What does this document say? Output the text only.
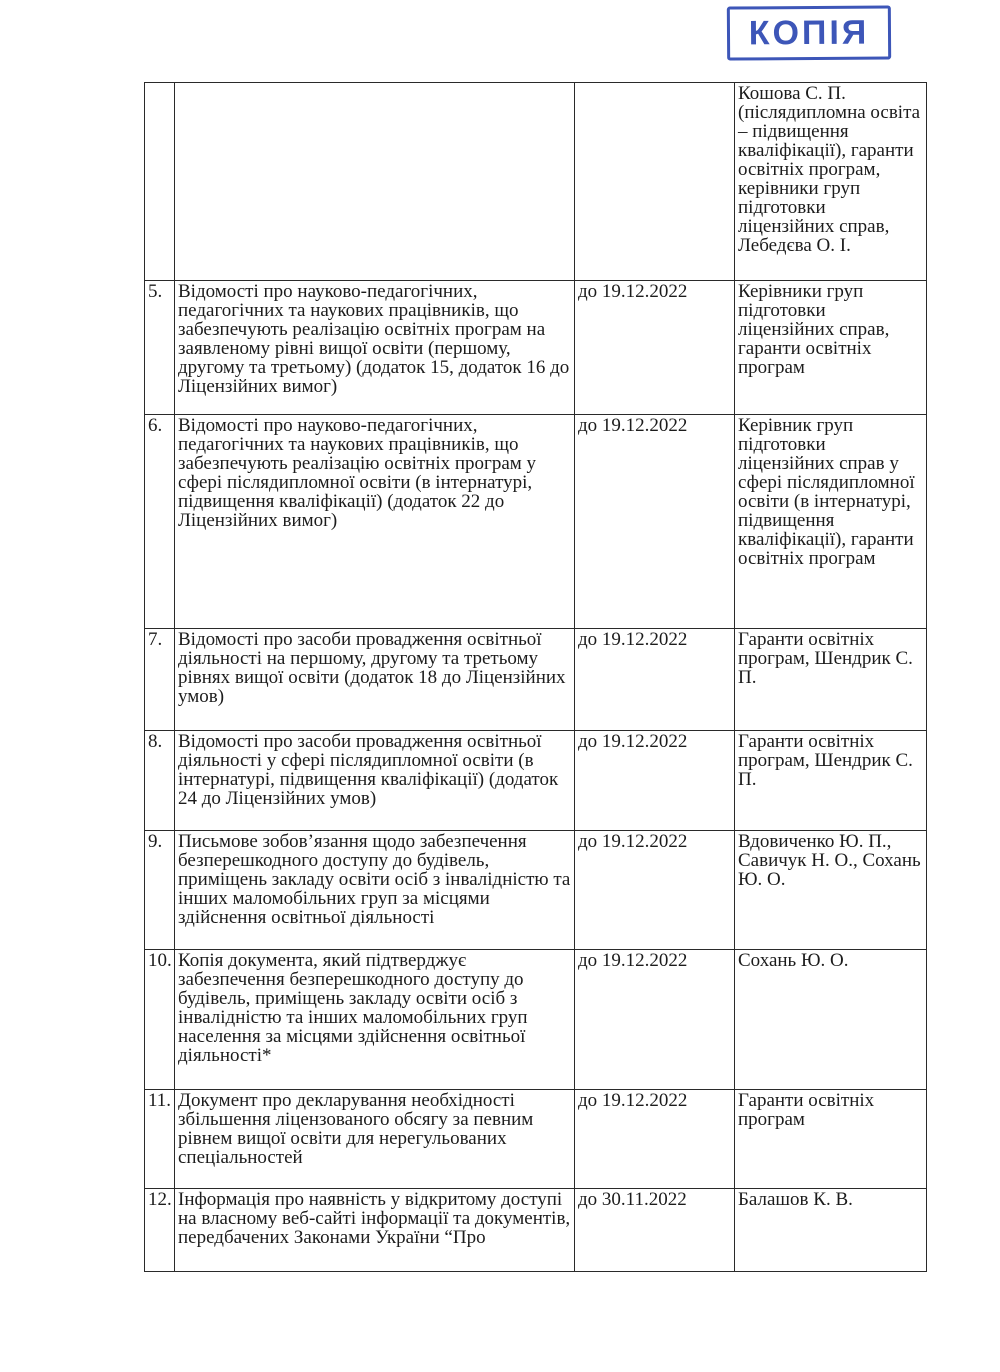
КОПІЯ
			Кошова С. П. (післядипломна освіта – підвищення кваліфікації), гаранти освітніх програм, керівники груп підготовки ліцензійних справ, Лебедєва О. І.
5.	Відомості про науково-педагогічних, педагогічних та наукових працівників, що забезпечують реалізацію освітніх програм на заявленому рівні вищої освіти (першому, другому та третьому) (додаток 15, додаток 16 до Ліцензійних вимог)	до 19.12.2022	Керівники груп підготовки ліцензійних справ, гаранти освітніх програм
6.	Відомості про науково-педагогічних, педагогічних та наукових працівників, що забезпечують реалізацію освітніх програм у сфері післядипломної освіти (в інтернатурі, підвищення кваліфікації) (додаток 22 до Ліцензійних вимог)	до 19.12.2022	Керівник груп підготовки ліцензійних справ у сфері післядипломної освіти (в інтернатурі, підвищення кваліфікації), гаранти освітніх програм
7.	Відомості про засоби провадження освітньої діяльності на першому, другому та третьому рівнях вищої освіти (додаток 18 до Ліцензійних умов)	до 19.12.2022	Гаранти освітніх програм, Шендрик С. П.
8.	Відомості про засоби провадження освітньої діяльності у сфері післядипломної освіти (в інтернатурі, підвищення кваліфікації) (додаток 24 до Ліцензійних умов)	до 19.12.2022	Гаранти освітніх програм, Шендрик С. П.
9.	Письмове зобов’язання щодо забезпечення безперешкодного доступу до будівель, приміщень закладу освіти осіб з інвалідністю та інших маломобільних груп за місцями здійснення освітньої діяльності	до 19.12.2022	Вдовиченко Ю. П., Савичук Н. О., Сохань Ю. О.
10.	Копія документа, який підтверджує забезпечення безперешкодного доступу до будівель, приміщень закладу освіти осіб з інвалідністю та інших маломобільних груп населення за місцями здійснення освітньої діяльності*	до 19.12.2022	Сохань Ю. О.
11.	Документ про декларування необхідності збільшення ліцензованого обсягу за певним рівнем вищої освіти для нерегульованих спеціальностей	до 19.12.2022	Гаранти освітніх програм
12.	Інформація про наявність у відкритому доступі на власному веб-сайті інформації та документів, передбачених Законами України “Про	до 30.11.2022	Балашов К. В.
